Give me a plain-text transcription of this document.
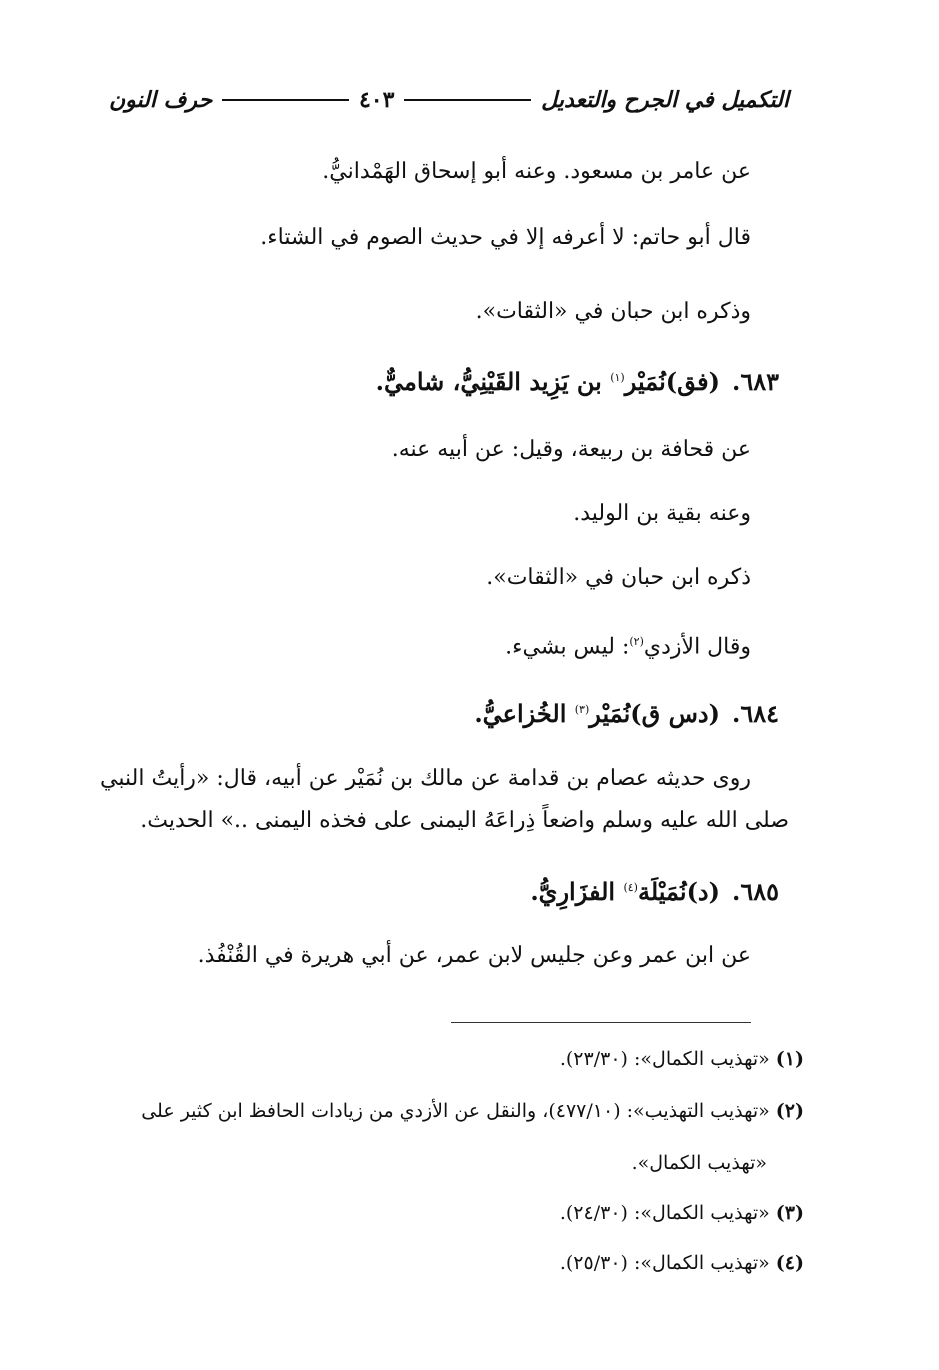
التكميل في الجرح والتعديل
٤٠٣
حرف النون
عن عامر بن مسعود. وعنه أبو إسحاق الهَمْدانيُّ.
قال أبو حاتم: لا أعرفه إلا في حديث الصوم في الشتاء.
وذكره ابن حبان في «الثقات».
٦٨٣.(فق)نُمَيْر$^{(١)}$ بن يَزِيد القَيْنِيُّ، شاميٌّ.
عن قحافة بن ربيعة، وقيل: عن أبيه عنه.
وعنه بقية بن الوليد.
ذكره ابن حبان في «الثقات».
وقال الأزدي$^{(٢)}$: ليس بشيء.
٦٨٤.(دس ق)نُمَيْر$^{(٣)}$ الخُزاعيُّ.
روى حديثه عصام بن قدامة عن مالك بن نُمَيْر عن أبيه، قال: «رأيتُ النبي
صلى الله عليه وسلم واضعاً ذِراعَهُ اليمنى على فخذه اليمنى ..» الحديث.
٦٨٥.(د)نُمَيْلَة$^{(٤)}$ الفزَارِيُّ.
عن ابن عمر وعن جليس لابن عمر، عن أبي هريرة في القُنْفُذ.
(١)«تهذيب الكمال»: (٢٣/٣٠).
(٢)«تهذيب التهذيب»: (٤٧٧/١٠)، والنقل عن الأزدي من زيادات الحافظ ابن كثير على
«تهذيب الكمال».
(٣)«تهذيب الكمال»: (٢٤/٣٠).
(٤)«تهذيب الكمال»: (٢٥/٣٠).
